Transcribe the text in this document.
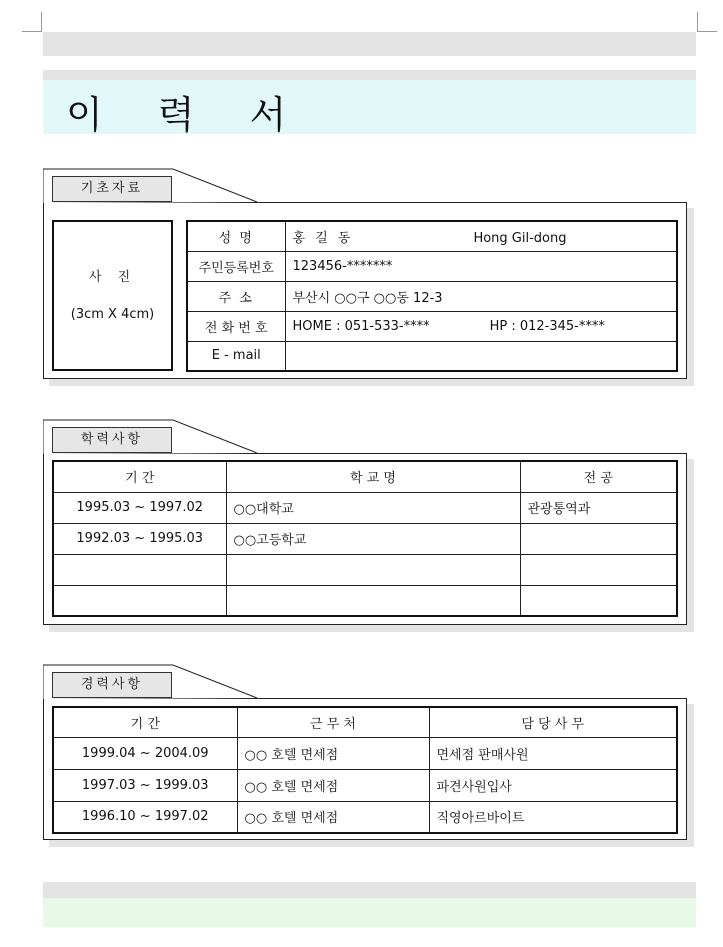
이 력 서
기초자료
사 진
(3cm X 4cm)
성 명	홍 길 동 Hong Gil-dong
주민등록번호	123456-*******
주 소	부산시 ○○구 ○○동 12-3
전 화 번 호	HOME : 051-533-**** HP : 012-345-****
E - mail	
학력사항
기 간	학 교 명	전 공
1995.03 ~ 1997.02	○○대학교	관광통역과
1992.03 ~ 1995.03	○○고등학교	

경력사항
기 간	근 무 처	담 당 사 무
1999.04 ~ 2004.09	○○ 호텔 면세점	면세점 판매사원
1997.03 ~ 1999.03	○○ 호텔 면세점	파견사원입사
1996.10 ~ 1997.02	○○ 호텔 면세점	직영아르바이트
